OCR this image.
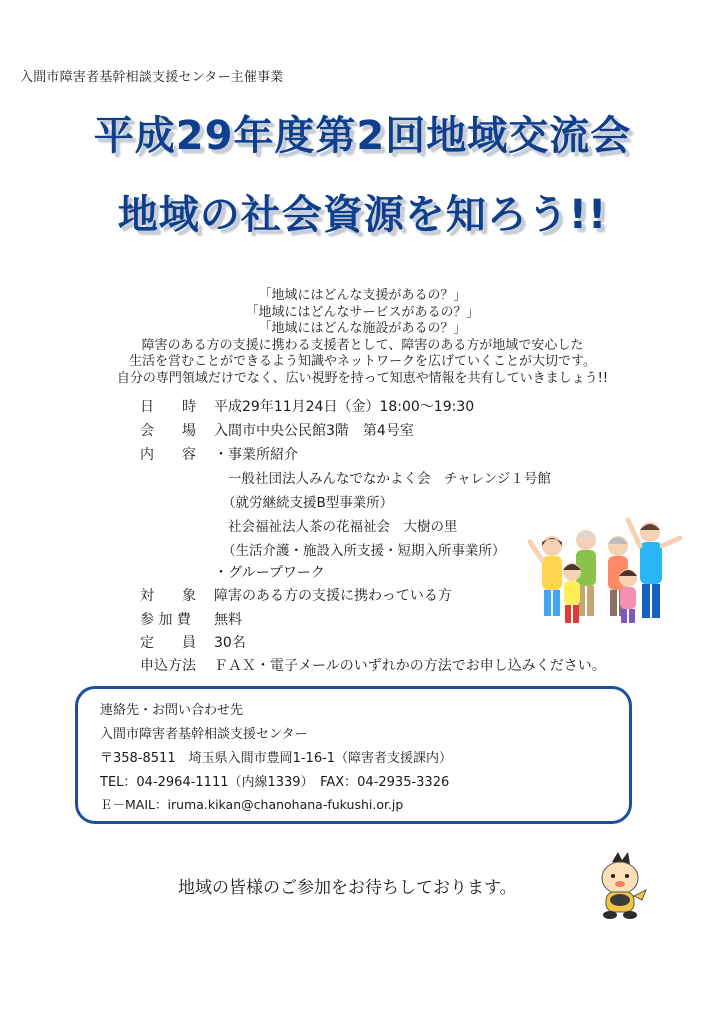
入間市障害者基幹相談支援センター主催事業
平成29年度第2回地域交流会
地域の社会資源を知ろう!!
「地域にはどんな支援があるの？」
「地域にはどんなサービスがあるの？」
「地域にはどんな施設があるの？」
障害のある方の支援に携わる支援者として、障害のある方が地域で安心した
生活を営むことができるよう知識やネットワークを広げていくことが大切です。
自分の専門領域だけでなく、広い視野を持って知恵や情報を共有していきましょう!!
日　　時	平成29年11月24日（金）18:00〜19:30
会　　場	入間市中央公民館3階　第4号室
内　　容	・事業所紹介
一般社団法人みんなでなかよく会　チャレンジ１号館
（就労継続支援B型事業所）
社会福祉法人茶の花福祉会　大樹の里
（生活介護・施設入所支援・短期入所事業所）
・グループワーク
対　　象	障害のある方の支援に携わっている方
参 加 費	無料
定　　員	30名
申込方法	ＦＡＸ・電子メールのいずれかの方法でお申し込みください。
連絡先・お問い合わせ先
入間市障害者基幹相談支援センター
〒358-8511　埼玉県入間市豊岡1-16-1（障害者支援課内）
TEL：04-2964-1111（内線1339）　FAX：04-2935-3326
Ｅ－MAIL：iruma.kikan@chanohana-fukushi.or.jp
地域の皆様のご参加をお待ちしております。
